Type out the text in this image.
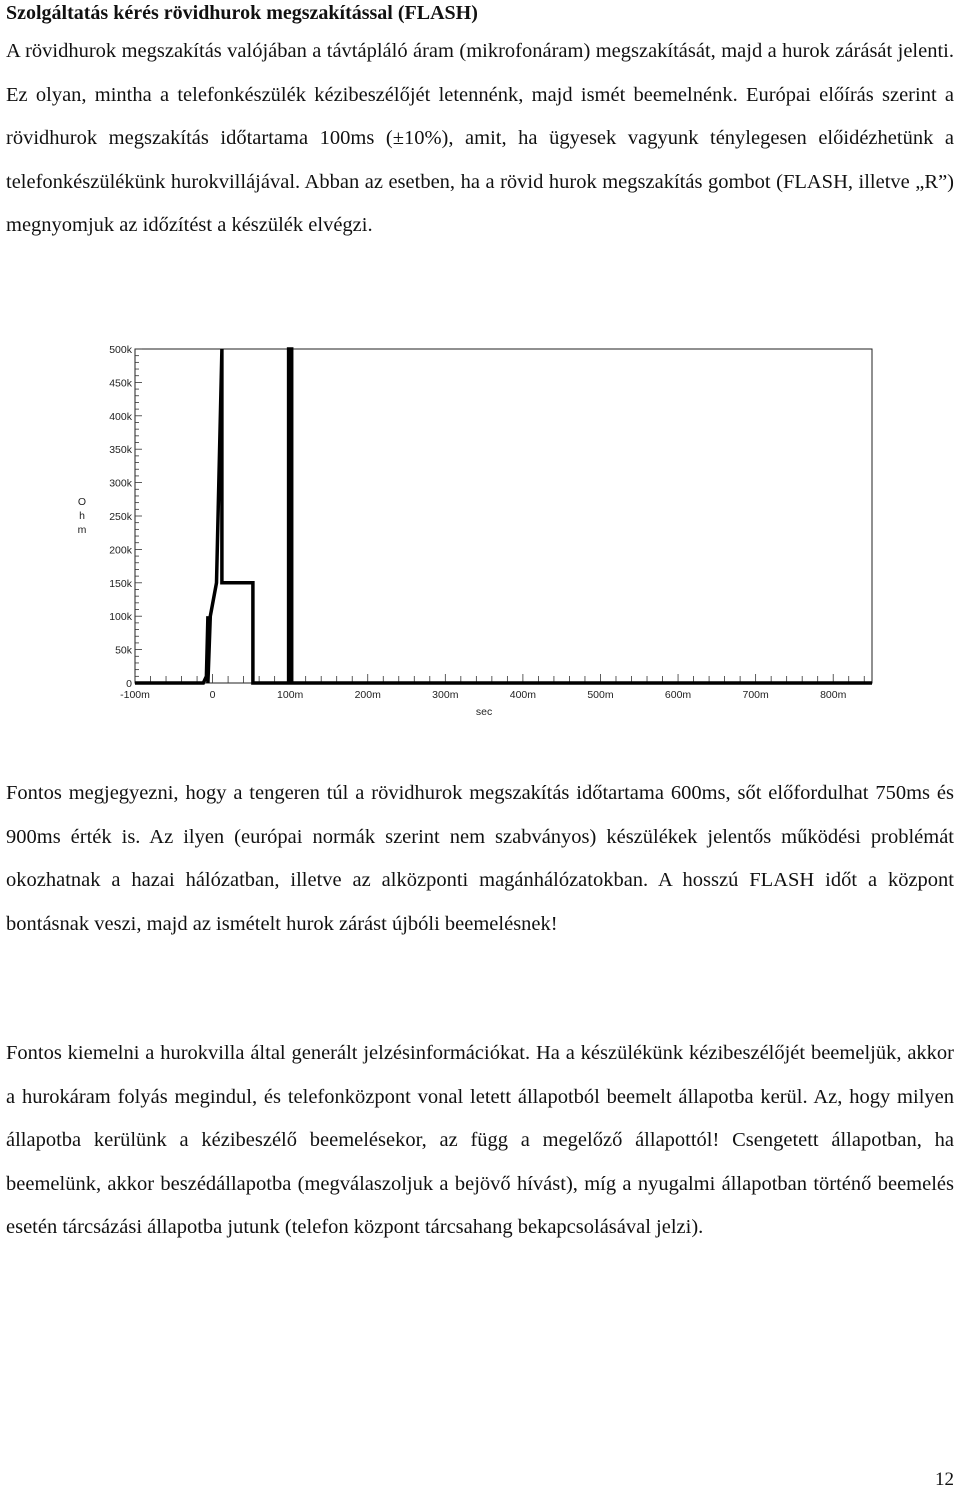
Szolgáltatás kérés rövidhurok megszakítással (FLASH)

A rövidhurok megszakítás valójában a távtápláló áram (mikrofonáram) megszakítását, majd a hurok zárását jelenti. Ez olyan, mintha a telefonkészülék kézibeszélőjét letennénk, majd ismét beemelnénk. Európai előírás szerint a rövidhurok megszakítás időtartama 100ms (±10%), amit, ha ügyesek vagyunk ténylegesen előidézhetünk a telefonkészülékünk hurokvillájával. Abban az esetben, ha a rövid hurok megszakítás gombot (FLASH, illetve „R”) megnyomjuk az időzítést a készülék elvégzi.

0
50k
100k
150k
200k
250k
300k
350k
400k
450k
500k
-100m	0	100m	200m	300m	400m	500m	600m	700m	800m
sec
O
h
m

Fontos megjegyezni, hogy a tengeren túl a rövidhurok megszakítás időtartama 600ms, sőt előfordulhat 750ms és 900ms érték is. Az ilyen (európai normák szerint nem szabványos) készülékek jelentős működési problémát okozhatnak a hazai hálózatban, illetve az alközponti magánhálózatokban. A hosszú FLASH időt a központ bontásnak veszi, majd az ismételt hurok zárást újbóli beemelésnek!

Fontos kiemelni a hurokvilla által generált jelzésinformációkat. Ha a készülékünk kézibeszélőjét beemeljük, akkor a hurokáram folyás megindul, és telefonközpont vonal letett állapotból beemelt állapotba kerül. Az, hogy milyen állapotba kerülünk a kézibeszélő beemelésekor, az függ a megelőző állapottól! Csengetett állapotban, ha beemelünk, akkor beszédállapotba (megválaszoljuk a bejövő hívást), míg a nyugalmi állapotban történő beemelés esetén tárcsázási állapotba jutunk (telefon központ tárcsahang bekapcsolásával jelzi).

12
